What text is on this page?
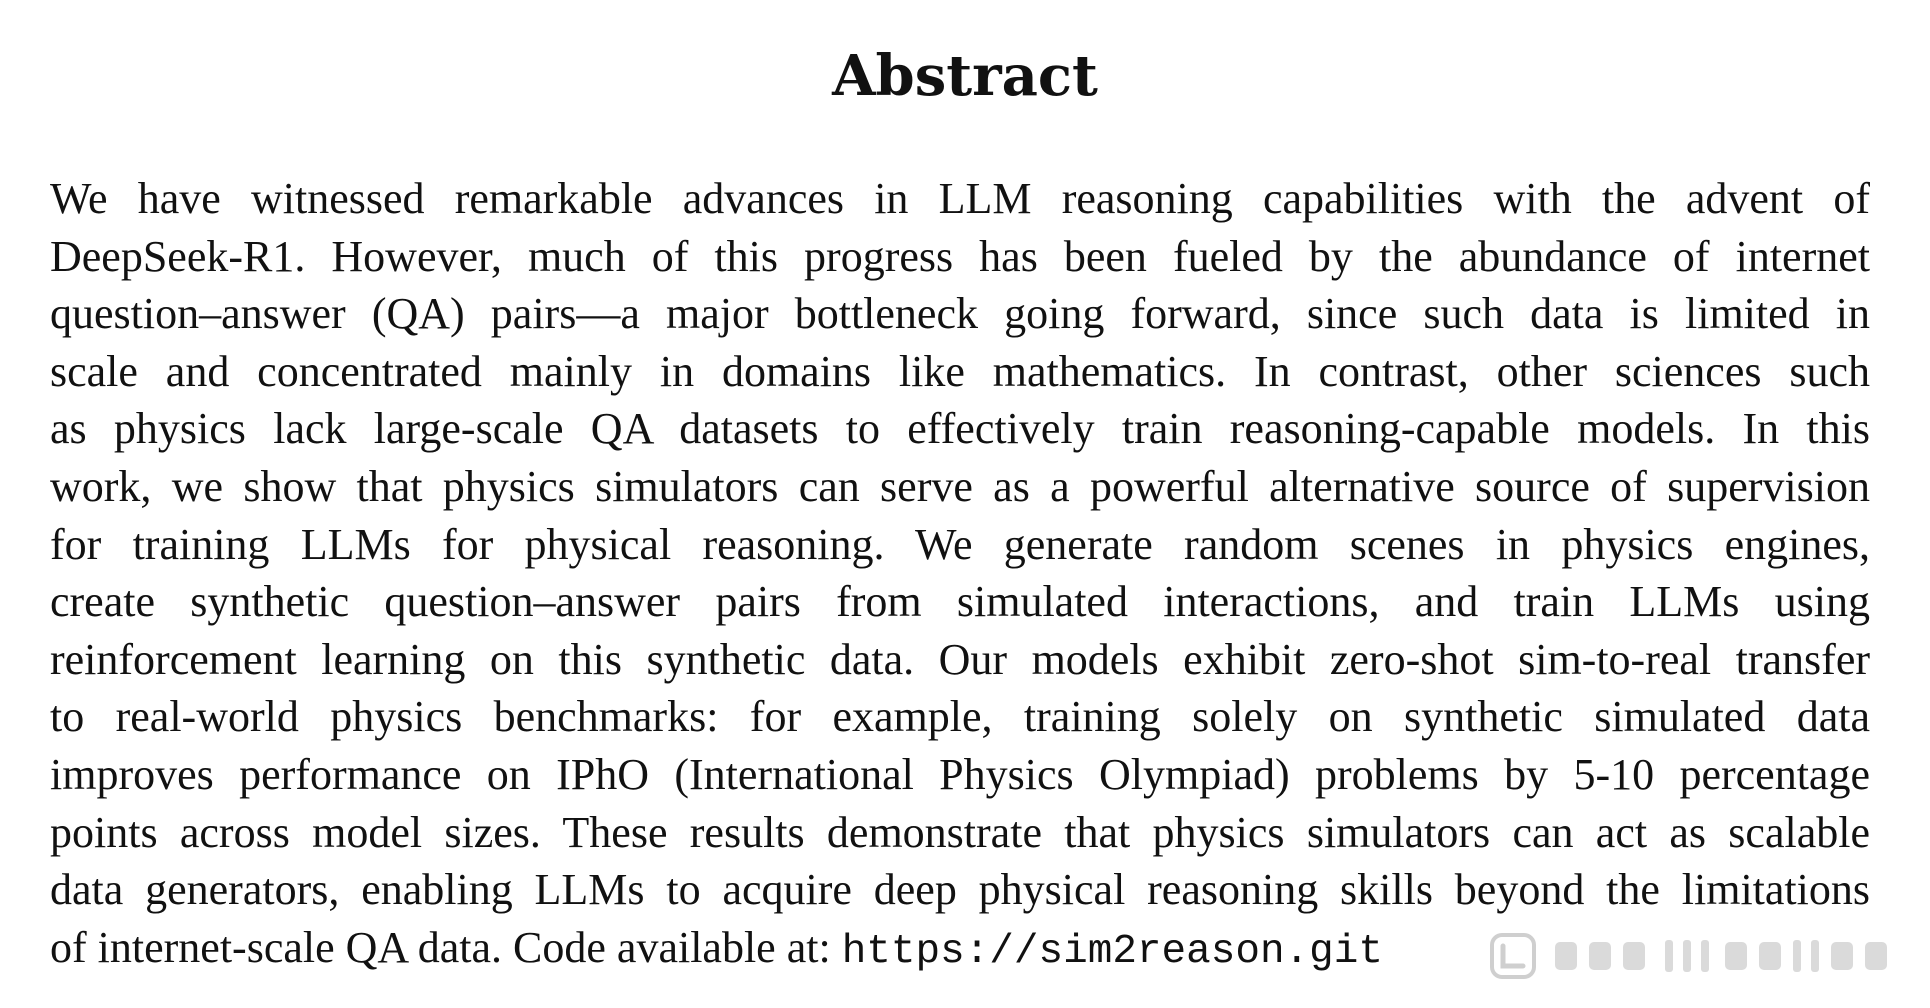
Abstract
We have witnessed remarkable advances in LLM reasoning capabilities with the advent of
DeepSeek-R1. However, much of this progress has been fueled by the abundance of internet
question–answer (QA) pairs—a major bottleneck going forward, since such data is limited in
scale and concentrated mainly in domains like mathematics. In contrast, other sciences such
as physics lack large-scale QA datasets to effectively train reasoning-capable models. In this
work, we show that physics simulators can serve as a powerful alternative source of supervision
for training LLMs for physical reasoning. We generate random scenes in physics engines,
create synthetic question–answer pairs from simulated interactions, and train LLMs using
reinforcement learning on this synthetic data. Our models exhibit zero-shot sim-to-real transfer
to real-world physics benchmarks: for example, training solely on synthetic simulated data
improves performance on IPhO (International Physics Olympiad) problems by 5-10 percentage
points across model sizes. These results demonstrate that physics simulators can act as scalable
data generators, enabling LLMs to acquire deep physical reasoning skills beyond the limitations
of internet-scale QA data. Code available at: https://sim2reason.git
